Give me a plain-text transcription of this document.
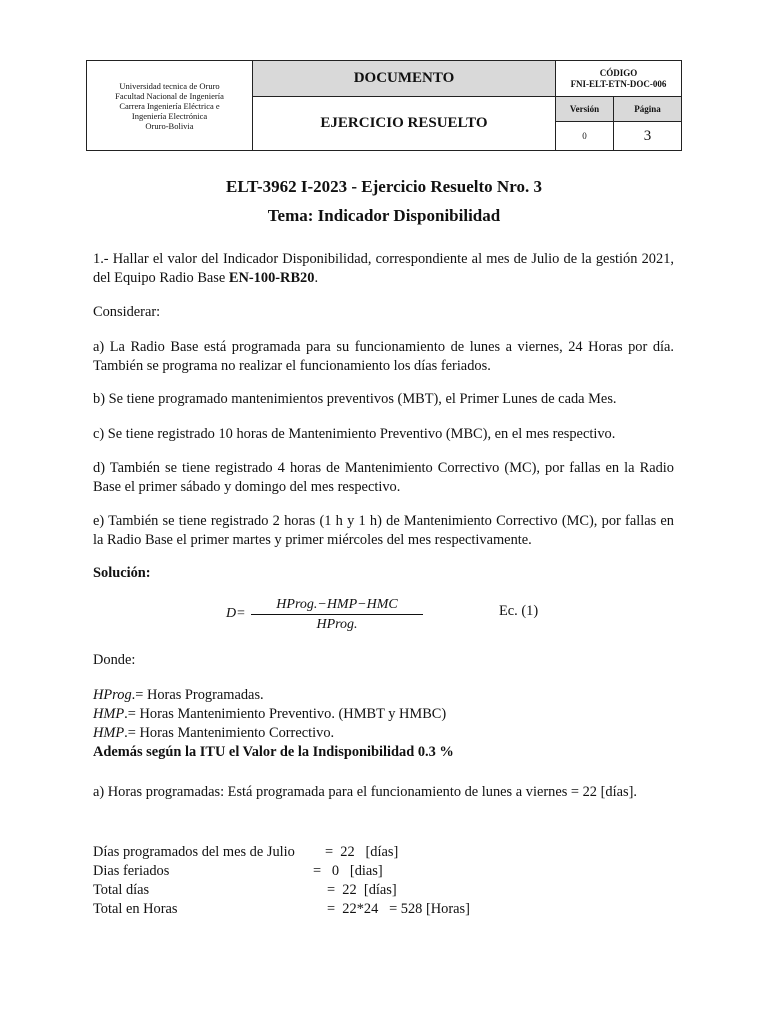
Universidad tecnica de Oruro
Facultad Nacional de Ingeniería
Carrera Ingeniería Eléctrica e
Ingeniería Electrónica
Oruro-Bolivia
DOCUMENTO
EJERCICIO RESUELTO
CÓDIGO
FNI-ELT-ETN-DOC-006
Versión	Página
0	3
ELT-3962 I-2023 - Ejercicio Resuelto Nro. 3
Tema: Indicador Disponibilidad
1.- Hallar el valor del Indicador Disponibilidad, correspondiente al mes de Julio de la gestión 2021, del Equipo Radio Base EN-100-RB20.
Considerar:
a) La Radio Base está programada para su funcionamiento de lunes a viernes, 24 Horas por día. También se programa no realizar el funcionamiento los días feriados.
b) Se tiene programado mantenimientos preventivos (MBT), el Primer Lunes de cada Mes.
c) Se tiene registrado 10 horas de Mantenimiento Preventivo (MBC), en el mes respectivo.
d) También se tiene registrado 4 horas de Mantenimiento Correctivo (MC), por fallas en la Radio Base el primer sábado y domingo del mes respectivo.
e) También se tiene registrado 2 horas (1 h y 1 h) de Mantenimiento Correctivo (MC), por fallas en la Radio Base el primer martes y primer miércoles del mes respectivamente.
Solución:
D=
HProg.−HMP−HMC
HProg.
Ec. (1)
Donde:
HProg.= Horas Programadas.
HMP.= Horas Mantenimiento Preventivo. (HMBT y HMBC)
HMP.= Horas Mantenimiento Correctivo.
Además según la ITU el Valor de la Indisponibilidad 0.3 %
a) Horas programadas: Está programada para el funcionamiento de lunes a viernes = 22 [días].
Días programados del mes de Julio =  22   [días]
Dias feriados	=   0   [dias]
Total días	=  22  [días]
Total en Horas	=  22*24   = 528 [Horas]
